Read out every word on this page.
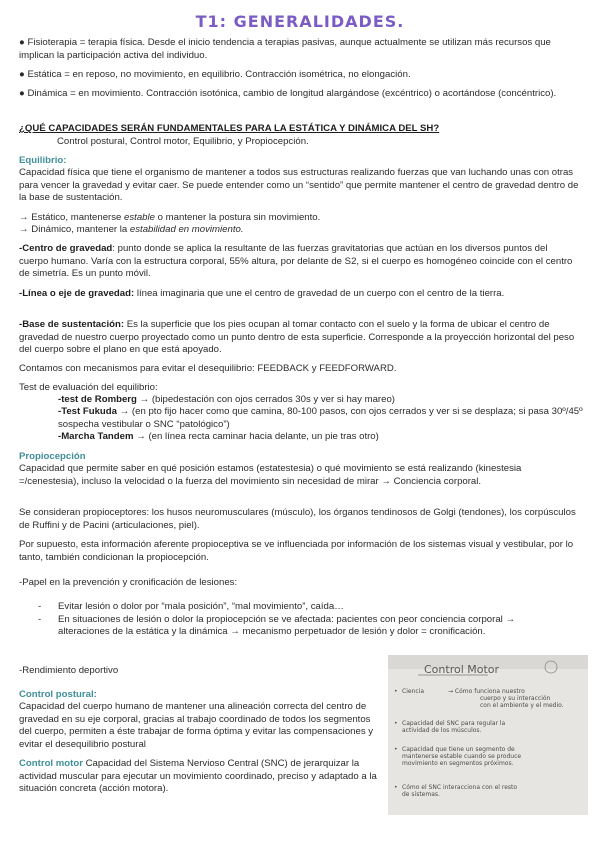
T1: GENERALIDADES.

● Fisioterapia = terapia física. Desde el inicio tendencia a terapias pasivas, aunque actualmente se utilizan más recursos que implican la participación activa del individuo.

● Estática = en reposo, no movimiento, en equilibrio. Contracción isométrica, no elongación.

● Dinámica = en movimiento. Contracción isotónica, cambio de longitud alargándose (excéntrico) o acortándose (concéntrico).

¿QUÉ CAPACIDADES SERÁN FUNDAMENTALES PARA LA ESTÁTICA Y DINÁMICA DEL SH?

Control postural, Control motor, Equilibrio, y Propiocepción.

Equilibrio:

Capacidad física que tiene el organismo de mantener a todos sus estructuras realizando fuerzas que van luchando unas con otras para vencer la gravedad y evitar caer. Se puede entender como un “sentido” que permite mantener el centro de gravedad dentro de la base de sustentación.

→ Estático, mantenerse estable o mantener la postura sin movimiento.

→ Dinámico, mantener la estabilidad en movimiento.

-Centro de gravedad: punto donde se aplica la resultante de las fuerzas gravitatorias que actúan en los diversos puntos del cuerpo humano. Varía con la estructura corporal, 55% altura, por delante de S2, si el cuerpo es homogéneo coincide con el centro de simetría. Es un punto móvil.

-Línea o eje de gravedad: línea imaginaria que une el centro de gravedad de un cuerpo con el centro de la tierra.

-Base de sustentación: Es la superficie que los pies ocupan al tomar contacto con el suelo y la forma de ubicar el centro de gravedad de nuestro cuerpo proyectado como un punto dentro de esta superficie. Corresponde a la proyección horizontal del peso del cuerpo sobre el plano en que está apoyado.

Contamos con mecanismos para evitar el desequilibrio: FEEDBACK y FEEDFORWARD.

Test de evaluación del equilibrio:

-test de Romberg → (bipedestación con ojos cerrados 30s y ver si hay mareo)

-Test Fukuda → (en pto fijo hacer como que camina, 80-100 pasos, con ojos cerrados y ver si se desplaza; si pasa 30º/45º sospecha vestibular o SNC “patológico”)

-Marcha Tandem → (en línea recta caminar hacia delante, un pie tras otro)

Propiocepción

Capacidad que permite saber en qué posición estamos (estatestesia) o qué movimiento se está realizando (kinestesia =/cenestesia), incluso la velocidad o la fuerza del movimiento sin necesidad de mirar → Conciencia corporal.

Se consideran propioceptores: los husos neuromusculares (músculo), los órganos tendinosos de Golgi (tendones), los corpúsculos de Ruffini y de Pacini (articulaciones, piel).

Por supuesto, esta información aferente propioceptiva se ve influenciada por información de los sistemas visual y vestibular, por lo tanto, también condicionan la propiocepción.

-Papel en la prevención y cronificación de lesiones:

- Evitar lesión o dolor por “mala posición”, “mal movimiento”, caída…
- En situaciones de lesión o dolor la propiocepción se ve afectada: pacientes con peor conciencia corporal → alteraciones de la estática y la dinámica → mecanismo perpetuador de lesión y dolor = cronificación.

-Rendimiento deportivo

Control postural:

Capacidad del cuerpo humano de mantener una alineación correcta del centro de gravedad en su eje corporal, gracias al trabajo coordinado de todos los segmentos del cuerpo, permiten a éste trabajar de forma óptima y evitar las compensaciones y evitar el desequilibrio postural

Control motor Capacidad del Sistema Nervioso Central (SNC) de jerarquizar la actividad muscular para ejecutar un movimiento coordinado, preciso y adaptado a la situación concreta (acción motora).

Control Motor
• Ciencia	→ Cómo funciona nuestro cuerpo y su interacción con el ambiente y el medio.
• Capacidad del SNC para regular la actividad de los músculos.
• Capacidad que tiene un segmento de mantenerse estable cuando se produce movimiento en segmentos próximos.
• Cómo el SNC interacciona con el resto de sistemas.
